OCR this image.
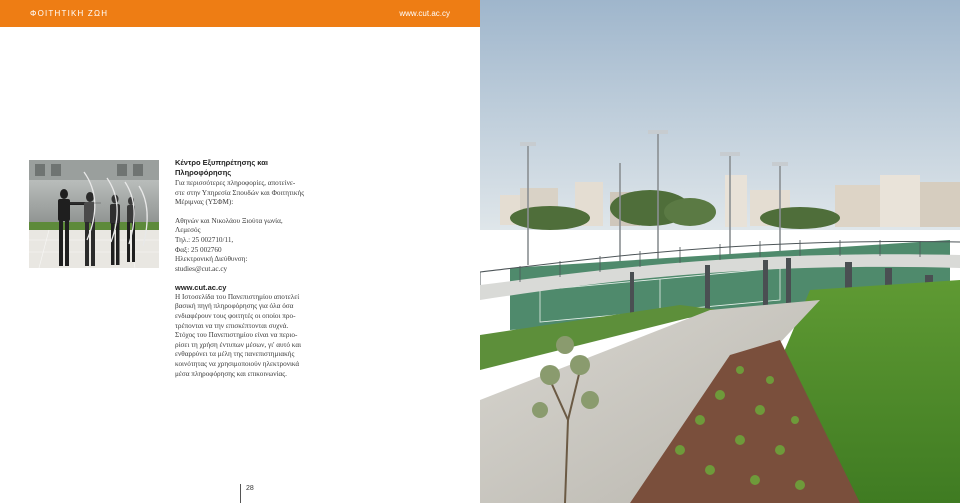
ΦΟΙΤΗΤΙΚΗ ΖΩΗ	www.cut.ac.cy

Κέντρο Εξυπηρέτησης και
Πληροφόρησης

Για περισσότερες πληροφορίες, αποτείνε-
στε στην Υπηρεσία Σπουδών και Φοιτητικής
Μέριμνας (ΥΣΦΜ):

Αθηνών και Νικολάου Ξιούτα γωνία,
Λεμεσός
Τηλ.: 25 002710/11,
Φαξ: 25 002760
Ηλεκτρονική Διεύθυνση:
studies@cut.ac.cy

www.cut.ac.cy

Η Ιστοσελίδα του Πανεπιστημίου αποτελεί
βασική πηγή πληροφόρησης για όλα όσα
ενδιαφέρουν τους φοιτητές οι οποίοι προ-
τρέπονται να την επισκέπτονται συχνά.
Στόχος του Πανεπιστημίου είναι να περιο-
ρίσει τη χρήση έντυπων μέσων, γι' αυτό και
ενθαρρύνει τα μέλη της πανεπιστημιακής
κοινότητας να χρησιμοποιούν ηλεκτρονικά
μέσα πληροφόρησης και επικοινωνίας.

28
